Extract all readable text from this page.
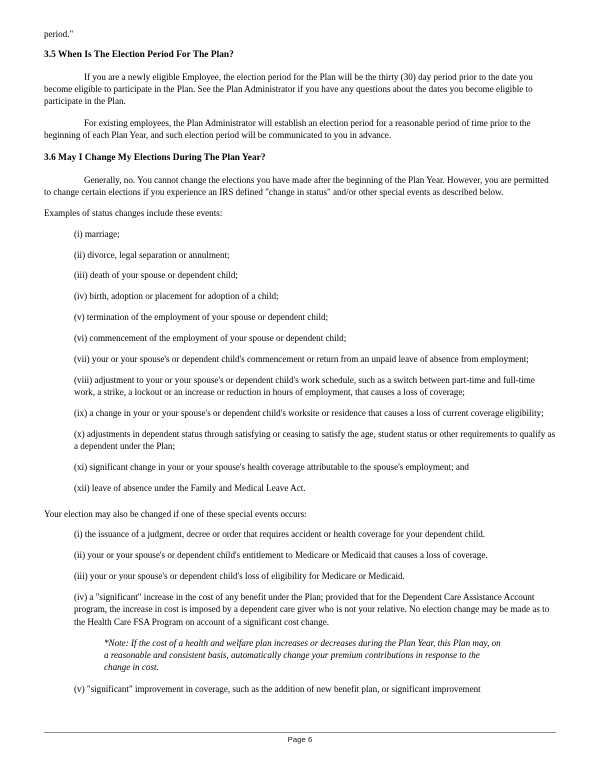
period."

3.5 When Is The Election Period For The Plan?

If you are a newly eligible Employee, the election period for the Plan will be the thirty (30) day period prior to the date you become eligible to participate in the Plan. See the Plan Administrator if you have any questions about the dates you become eligible to participate in the Plan.

For existing employees, the Plan Administrator will establish an election period for a reasonable period of time prior to the beginning of each Plan Year, and such election period will be communicated to you in advance.

3.6 May I Change My Elections During The Plan Year?

Generally, no. You cannot change the elections you have made after the beginning of the Plan Year. However, you are permitted to change certain elections if you experience an IRS defined "change in status" and/or other special events as described below.

Examples of status changes include these events:

(i) marriage;

(ii) divorce, legal separation or annulment;

(iii) death of your spouse or dependent child;

(iv) birth, adoption or placement for adoption of a child;

(v) termination of the employment of your spouse or dependent child;

(vi) commencement of the employment of your spouse or dependent child;

(vii) your or your spouse's or dependent child's commencement or return from an unpaid leave of absence from employment;

(viii) adjustment to your or your spouse's or dependent child's work schedule, such as a switch between part-time and full-time work, a strike, a lockout or an increase or reduction in hours of employment, that causes a loss of coverage;

(ix) a change in your or your spouse's or dependent child's worksite or residence that causes a loss of current coverage eligibility;

(x) adjustments in dependent status through satisfying or ceasing to satisfy the age, student status or other requirements to qualify as a dependent under the Plan;

(xi) significant change in your or your spouse's health coverage attributable to the spouse's employment; and

(xii) leave of absence under the Family and Medical Leave Act.

Your election may also be changed if one of these special events occurs:

(i) the issuance of a judgment, decree or order that requires accident or health coverage for your dependent child.

(ii) your or your spouse's or dependent child's entitlement to Medicare or Medicaid that causes a loss of coverage.

(iii) your or your spouse's or dependent child's loss of eligibility for Medicare or Medicaid.

(iv) a "significant" increase in the cost of any benefit under the Plan; provided that for the Dependent Care Assistance Account program, the increase in cost is imposed by a dependent care giver who is not your relative. No election change may be made as to the Health Care FSA Program on account of a significant cost change.

*Note: If the cost of a health and welfare plan increases or decreases during the Plan Year, this Plan may, on a reasonable and consistent basis, automatically change your premium contributions in response to the change in cost.

(v) "significant" improvement in coverage, such as the addition of new benefit plan, or significant improvement

Page 6
